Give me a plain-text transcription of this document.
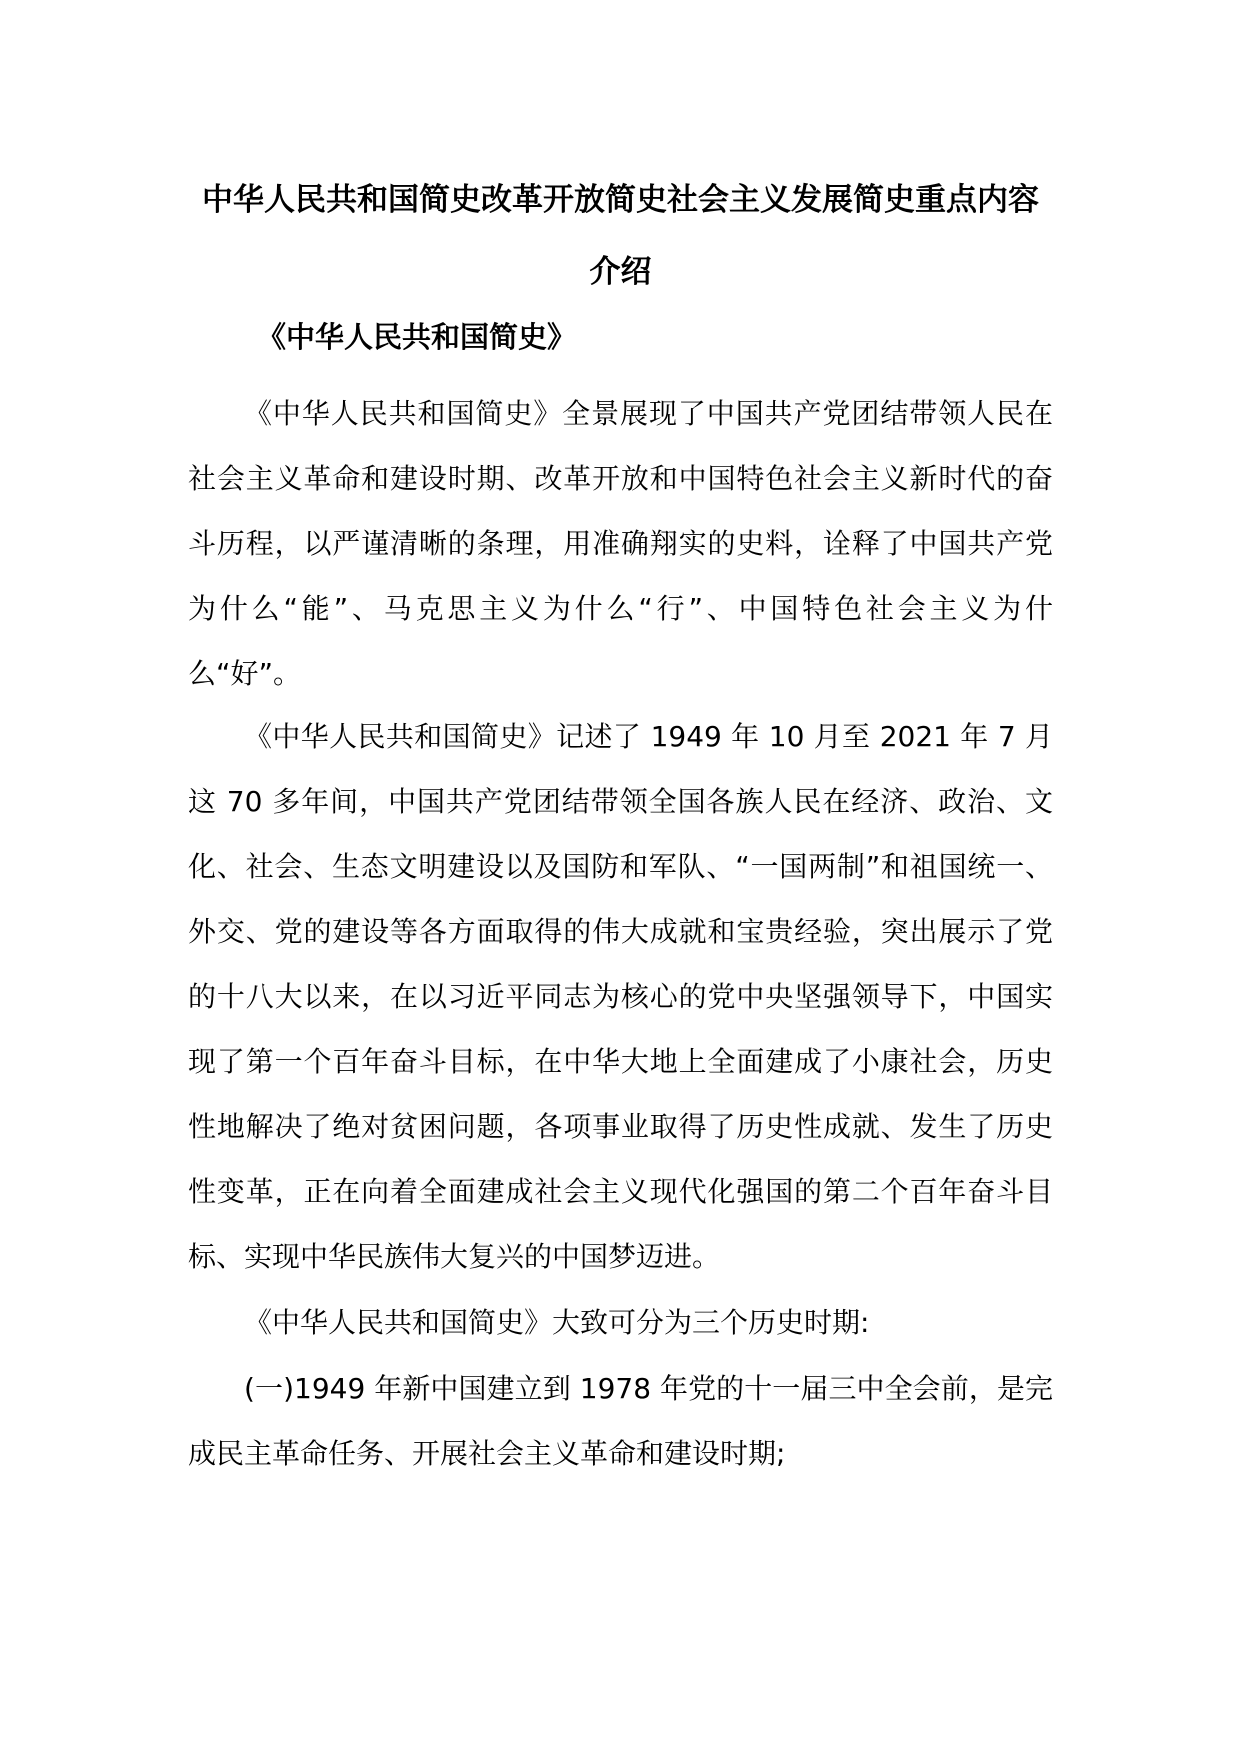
中华人民共和国简史改革开放简史社会主义发展简史重点内容介绍
《中华人民共和国简史》

《中华人民共和国简史》全景展现了中国共产党团结带领人民在社会主义革命和建设时期、改革开放和中国特色社会主义新时代的奋斗历程，以严谨清晰的条理，用准确翔实的史料，诠释了中国共产党为什么“能”、马克思主义为什么“行”、中国特色社会主义为什么“好”。

《中华人民共和国简史》记述了 1949 年 10 月至 2021 年 7 月这 70 多年间，中国共产党团结带领全国各族人民在经济、政治、文化、社会、生态文明建设以及国防和军队、“一国两制”和祖国统一、外交、党的建设等各方面取得的伟大成就和宝贵经验，突出展示了党的十八大以来，在以习近平同志为核心的党中央坚强领导下，中国实现了第一个百年奋斗目标，在中华大地上全面建成了小康社会，历史性地解决了绝对贫困问题，各项事业取得了历史性成就、发生了历史性变革，正在向着全面建成社会主义现代化强国的第二个百年奋斗目标、实现中华民族伟大复兴的中国梦迈进。

《中华人民共和国简史》大致可分为三个历史时期:

(一)1949 年新中国建立到 1978 年党的十一届三中全会前，是完成民主革命任务、开展社会主义革命和建设时期;
